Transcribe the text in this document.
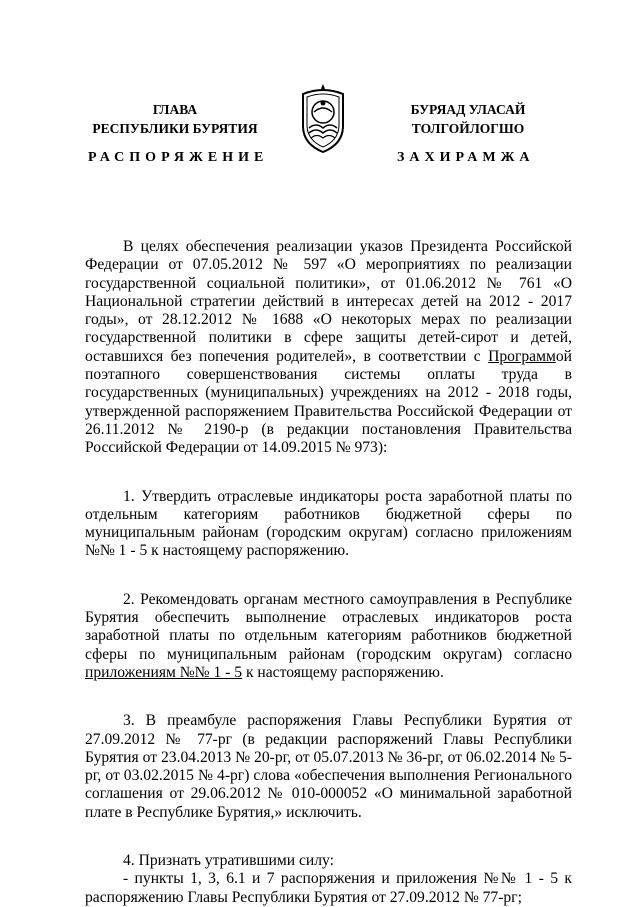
ГЛАВА
РЕСПУБЛИКИ БУРЯТИЯ
РАСПОРЯЖЕНИЕ
БУРЯАД УЛАСАЙ
ТОЛГОЙЛОГШО
ЗАХИРАМЖА

В целях обеспечения реализации указов Президента Российской Федерации от 07.05.2012 № 597 «О мероприятиях по реализации государственной социальной политики», от 01.06.2012 № 761 «О Национальной стратегии действий в интересах детей на 2012 - 2017 годы», от 28.12.2012 № 1688 «О некоторых мерах по реализации государственной политики в сфере защиты детей-сирот и детей, оставшихся без попечения родителей», в соответствии с Программой поэтапного совершенствования системы оплаты труда в государственных (муниципальных) учреждениях на 2012 - 2018 годы, утвержденной распоряжением Правительства Российской Федерации от 26.11.2012 № 2190-р (в редакции постановления Правительства Российской Федерации от 14.09.2015 № 973):

1. Утвердить отраслевые индикаторы роста заработной платы по отдельным категориям работников бюджетной сферы по муниципальным районам (городским округам) согласно приложениям №№ 1 - 5 к настоящему распоряжению.

2. Рекомендовать органам местного самоуправления в Республике Бурятия обеспечить выполнение отраслевых индикаторов роста заработной платы по отдельным категориям работников бюджетной сферы по муниципальным районам (городским округам) согласно приложениям №№ 1 - 5 к настоящему распоряжению.

3. В преамбуле распоряжения Главы Республики Бурятия от 27.09.2012 № 77-рг (в редакции распоряжений Главы Республики Бурятия от 23.04.2013 № 20-рг, от 05.07.2013 № 36-рг, от 06.02.2014 № 5-рг, от 03.02.2015 № 4-рг) слова «обеспечения выполнения Регионального соглашения от 29.06.2012 № 010-000052 «О минимальной заработной плате в Республике Бурятия,» исключить.

4. Признать утратившими силу:

- пункты 1, 3, 6.1 и 7 распоряжения и приложения №№ 1 - 5 к распоряжению Главы Республики Бурятия от 27.09.2012 № 77-рг;
